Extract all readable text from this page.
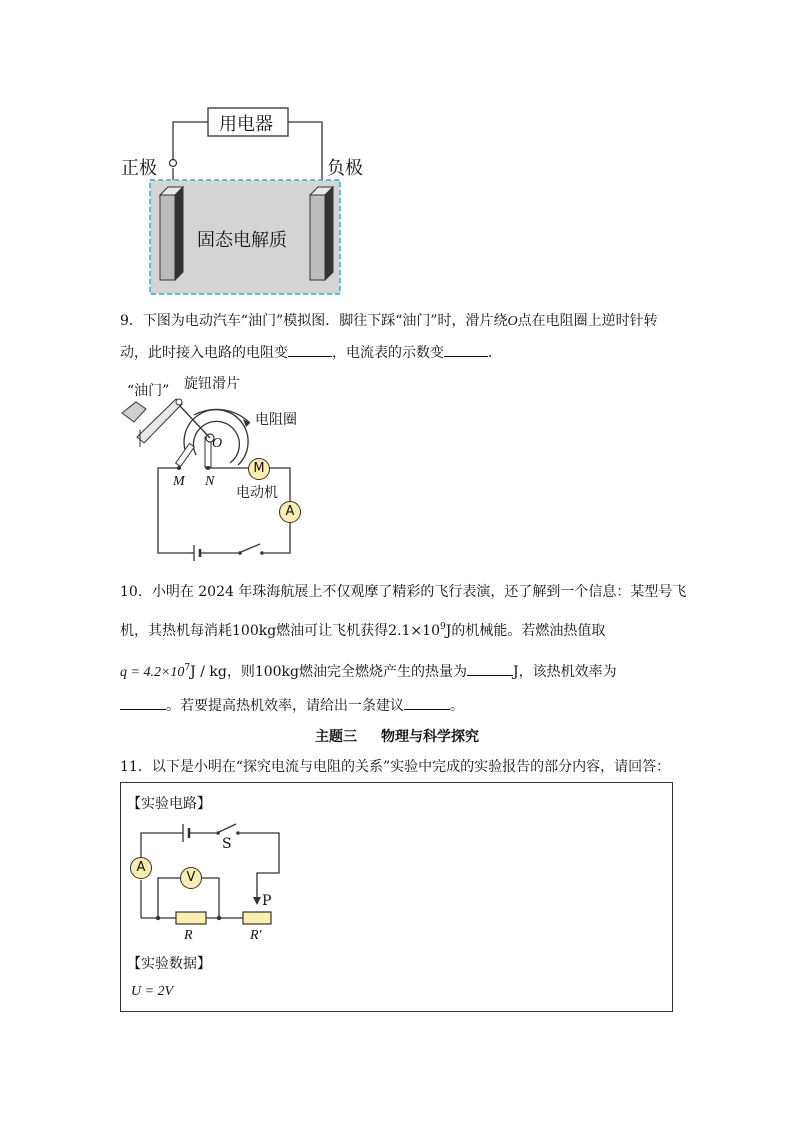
用电器
正极	负极
固态电解质
9．下图为电动汽车“油门”模拟图．脚往下踩“油门”时，滑片绕O点在电阻圈上逆时针转
动，此时接入电路的电阻变	，电流表的示数变	．
“油门” 旋钮滑片
电阻圈
O
M N
M
电动机
A
10．小明在 2024 年珠海航展上不仅观摩了精彩的飞行表演，还了解到一个信息：某型号飞
机，其热机每消耗100kg燃油可让飞机获得$2.1\times 10^9J$的机械能。若燃油热值取
$q = 4.2\times 10^7J$ / kg，则100kg燃油完全燃烧产生的热量为	J，该热机效率为
。若要提高热机效率，请给出一条建议	。
主题三 物理与科学探究
11．以下是小明在“探究电流与电阻的关系”实验中完成的实验报告的部分内容，请回答：
【实验电路】
A
V
S
P
R	R′
【实验数据】
U = 2V
